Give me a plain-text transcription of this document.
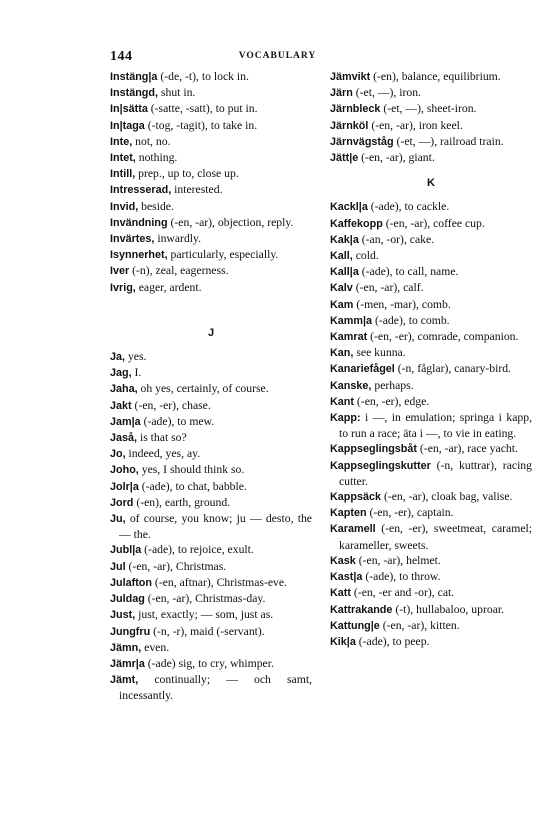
144	VOCABULARY
Instäng|a (-de, -t), to lock in.
Instängd, shut in.
In|sätta (-satte, -satt), to put in.
In|taga (-tog, -tagit), to take in.
Inte, not, no.
Intet, nothing.
Intill, prep., up to, close up.
Intresserad, interested.
Invid, beside.
Invändning (-en, -ar), objection, reply.
Invärtes, inwardly.
Isynnerhet, particularly, especially.
Iver (-n), zeal, eagerness.
Ivrig, eager, ardent.
J
Ja, yes.
Jag, I.
Jaha, oh yes, certainly, of course.
Jakt (-en, -er), chase.
Jam|a (-ade), to mew.
Jaså, is that so?
Jo, indeed, yes, ay.
Joho, yes, I should think so.
Jolr|a (-ade), to chat, babble.
Jord (-en), earth, ground.
Ju, of course, you know; ju — desto, the — the.
Jubl|a (-ade), to rejoice, exult.
Jul (-en, -ar), Christmas.
Julafton (-en, aftnar), Christmas-eve.
Juldag (-en, -ar), Christmas-day.
Just, just, exactly; — som, just as.
Jungfru (-n, -r), maid (-servant).
Jämn, even.
Jämr|a (-ade) sig, to cry, whimper.
Jämt, continually; — och samt, incessantly.
Jämvikt (-en), balance, equilibrium.
Järn (-et, —), iron.
Järnbleck (-et, —), sheet-iron.
Järnköl (-en, -ar), iron keel.
Järnvägståg (-et, —), railroad train.
Jätt|e (-en, -ar), giant.
K
Kackl|a (-ade), to cackle.
Kaffekopp (-en, -ar), coffee cup.
Kak|a (-an, -or), cake.
Kall, cold.
Kall|a (-ade), to call, name.
Kalv (-en, -ar), calf.
Kam (-men, -mar), comb.
Kamm|a (-ade), to comb.
Kamrat (-en, -er), comrade, companion.
Kan, see kunna.
Kanariefågel (-n, fåglar), canary-bird.
Kanske, perhaps.
Kant (-en, -er), edge.
Kapp: i —, in emulation; springa i kapp, to run a race; äta i —, to vie in eating.
Kappseglingsbåt (-en, -ar), race yacht.
Kappseglingskutter (-n, kuttrar), racing cutter.
Kappsäck (-en, -ar), cloak bag, valise.
Kapten (-en, -er), captain.
Karamell (-en, -er), sweetmeat, caramel; karameller, sweets.
Kask (-en, -ar), helmet.
Kast|a (-ade), to throw.
Katt (-en, -er and -or), cat.
Kattrakande (-t), hullabaloo, uproar.
Kattung|e (-en, -ar), kitten.
Kik|a (-ade), to peep.
